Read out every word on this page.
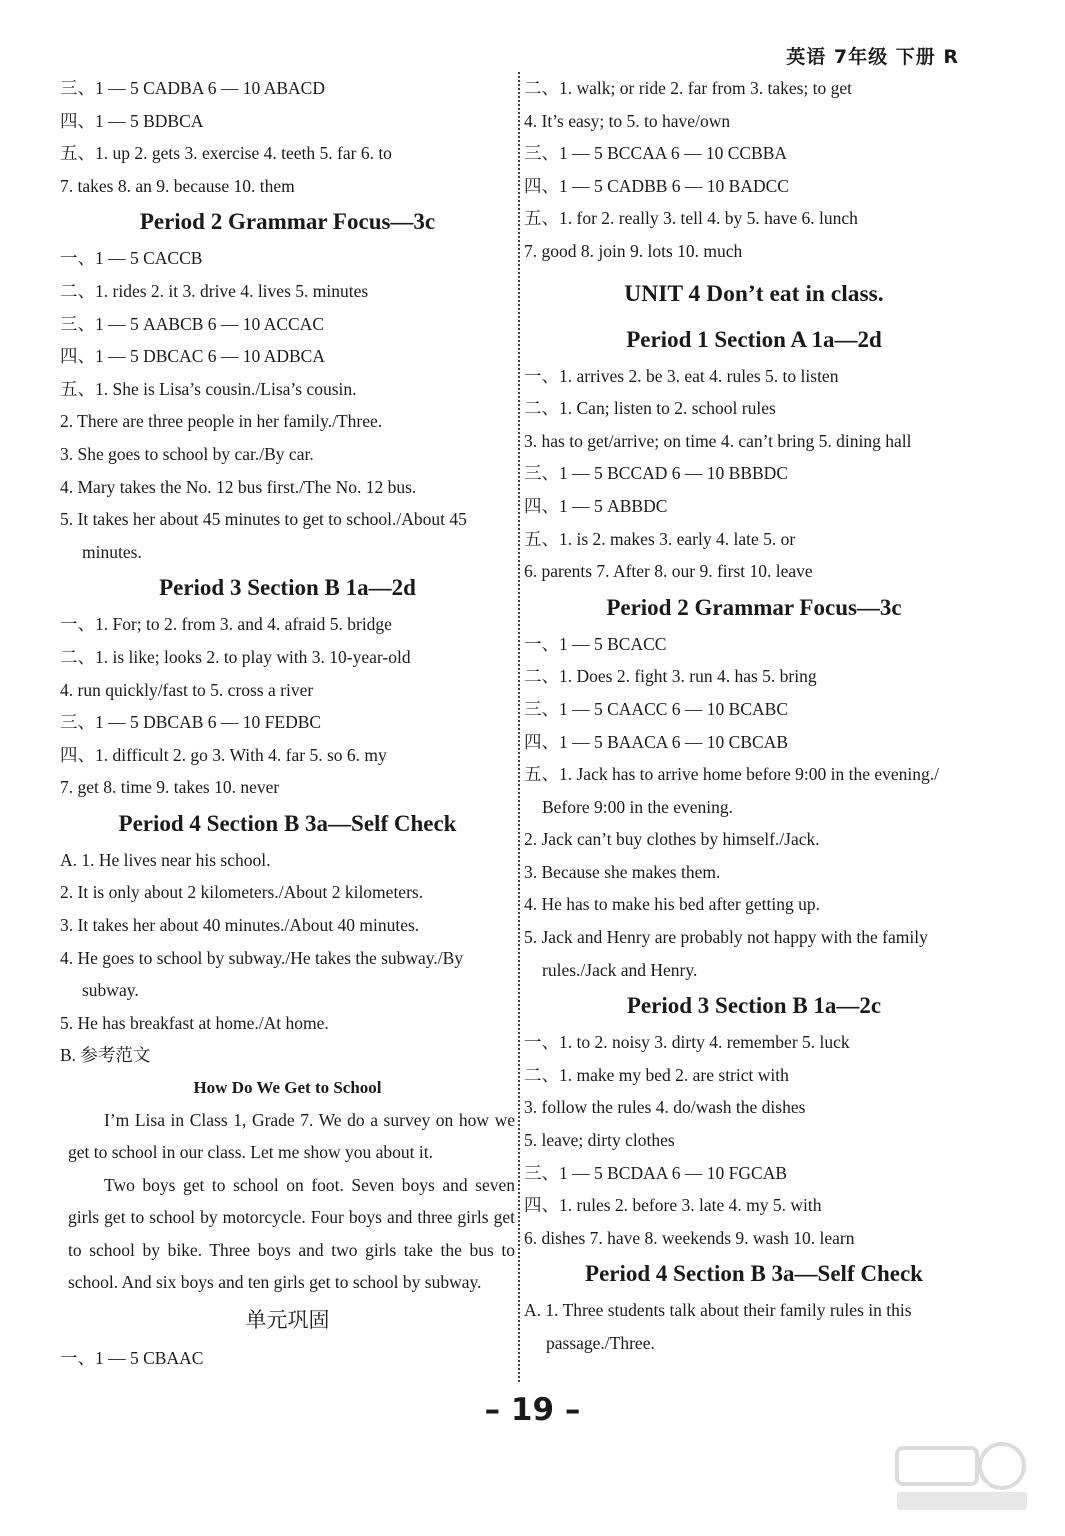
英语 7年级 下册 R
三、1 — 5 CADBA 6 — 10 ABACD
四、1 — 5 BDBCA
五、1. up 2. gets 3. exercise 4. teeth 5. far 6. to
7. takes 8. an 9. because 10. them
Period 2 Grammar Focus—3c
一、1 — 5 CACCB
二、1. rides 2. it 3. drive 4. lives 5. minutes
三、1 — 5 AABCB 6 — 10 ACCAC
四、1 — 5 DBCAC 6 — 10 ADBCA
五、1. She is Lisa’s cousin./Lisa’s cousin.
2. There are three people in her family./Three.
3. She goes to school by car./By car.
4. Mary takes the No. 12 bus first./The No. 12 bus.
5. It takes her about 45 minutes to get to school./About 45
minutes.
Period 3 Section B 1a—2d
一、1. For; to 2. from 3. and 4. afraid 5. bridge
二、1. is like; looks 2. to play with 3. 10-year-old
4. run quickly/fast to 5. cross a river
三、1 — 5 DBCAB 6 — 10 FEDBC
四、1. difficult 2. go 3. With 4. far 5. so 6. my
7. get 8. time 9. takes 10. never
Period 4 Section B 3a—Self Check
A. 1. He lives near his school.
2. It is only about 2 kilometers./About 2 kilometers.
3. It takes her about 40 minutes./About 40 minutes.
4. He goes to school by subway./He takes the subway./By
subway.
5. He has breakfast at home./At home.
B. 参考范文
How Do We Get to School
I’m Lisa in Class 1, Grade 7. We do a survey on how we get to school in our class. Let me show you about it.
Two boys get to school on foot. Seven boys and seven girls get to school by motorcycle. Four boys and three girls get to school by bike. Three boys and two girls take the bus to school. And six boys and ten girls get to school by subway.
单元巩固
一、1 — 5 CBAAC
二、1. walk; or ride 2. far from 3. takes; to get
4. It’s easy; to 5. to have/own
三、1 — 5 BCCAA 6 — 10 CCBBA
四、1 — 5 CADBB 6 — 10 BADCC
五、1. for 2. really 3. tell 4. by 5. have 6. lunch
7. good 8. join 9. lots 10. much
UNIT 4 Don’t eat in class.
Period 1 Section A 1a—2d
一、1. arrives 2. be 3. eat 4. rules 5. to listen
二、1. Can; listen to 2. school rules
3. has to get/arrive; on time 4. can’t bring 5. dining hall
三、1 — 5 BCCAD 6 — 10 BBBDC
四、1 — 5 ABBDC
五、1. is 2. makes 3. early 4. late 5. or
6. parents 7. After 8. our 9. first 10. leave
Period 2 Grammar Focus—3c
一、1 — 5 BCACC
二、1. Does 2. fight 3. run 4. has 5. bring
三、1 — 5 CAACC 6 — 10 BCABC
四、1 — 5 BAACA 6 — 10 CBCAB
五、1. Jack has to arrive home before 9:00 in the evening./
Before 9:00 in the evening.
2. Jack can’t buy clothes by himself./Jack.
3. Because she makes them.
4. He has to make his bed after getting up.
5. Jack and Henry are probably not happy with the family
rules./Jack and Henry.
Period 3 Section B 1a—2c
一、1. to 2. noisy 3. dirty 4. remember 5. luck
二、1. make my bed 2. are strict with
3. follow the rules 4. do/wash the dishes
5. leave; dirty clothes
三、1 — 5 BCDAA 6 — 10 FGCAB
四、1. rules 2. before 3. late 4. my 5. with
6. dishes 7. have 8. weekends 9. wash 10. learn
Period 4 Section B 3a—Self Check
A. 1. Three students talk about their family rules in this
passage./Three.
– 19 –
